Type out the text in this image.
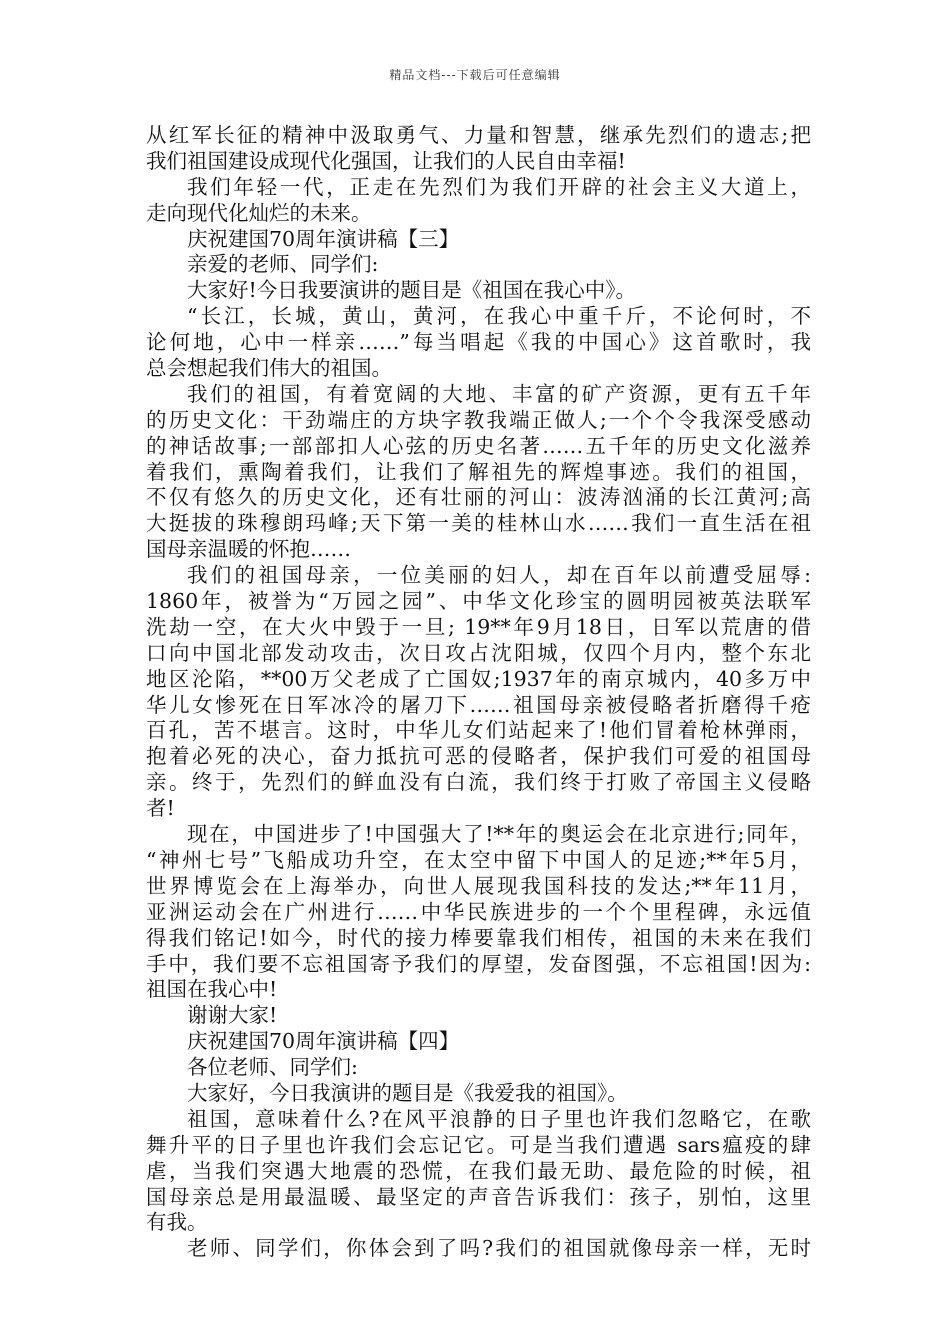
精品文档---下载后可任意编辑
从红军长征的精神中汲取勇气、力量和智慧，继承先烈们的遗志;把
我们祖国建设成现代化强国，让我们的人民自由幸福!
我们年轻一代，正走在先烈们为我们开辟的社会主义大道上，
走向现代化灿烂的未来。
庆祝建国70周年演讲稿【三】
亲爱的老师、同学们:
大家好!今日我要演讲的题目是《祖国在我心中》。
“长江，长城，黄山，黄河，在我心中重千斤，不论何时，不
论何地，心中一样亲……”每当唱起《我的中国心》这首歌时，我
总会想起我们伟大的祖国。
我们的祖国，有着宽阔的大地、丰富的矿产资源，更有五千年
的历史文化：干劲端庄的方块字教我端正做人;一个个令我深受感动
的神话故事;一部部扣人心弦的历史名著……五千年的历史文化滋养
着我们，熏陶着我们，让我们了解祖先的辉煌事迹。我们的祖国，
不仅有悠久的历史文化，还有壮丽的河山：波涛汹涌的长江黄河;高
大挺拔的珠穆朗玛峰;天下第一美的桂林山水……我们一直生活在祖
国母亲温暖的怀抱……
我们的祖国母亲，一位美丽的妇人，却在百年以前遭受屈辱:
1860年，被誉为“万园之园”、中华文化珍宝的圆明园被英法联军
洗劫一空，在大火中毁于一旦; 19**年9月18日，日军以荒唐的借
口向中国北部发动攻击，次日攻占沈阳城，仅四个月内，整个东北
地区沦陷，**00万父老成了亡国奴;1937年的南京城内，40多万中
华儿女惨死在日军冰冷的屠刀下……祖国母亲被侵略者折磨得千疮
百孔，苦不堪言。这时，中华儿女们站起来了!他们冒着枪林弹雨，
抱着必死的决心，奋力抵抗可恶的侵略者，保护我们可爱的祖国母
亲。终于，先烈们的鲜血没有白流，我们终于打败了帝国主义侵略
者!
现在，中国进步了!中国强大了!**年的奥运会在北京进行;同年，
“神州七号”飞船成功升空，在太空中留下中国人的足迹;**年5月，
世界博览会在上海举办，向世人展现我国科技的发达;**年11月，
亚洲运动会在广州进行……中华民族进步的一个个里程碑，永远值
得我们铭记!如今，时代的接力棒要靠我们相传，祖国的未来在我们
手中，我们要不忘祖国寄予我们的厚望，发奋图强，不忘祖国!因为:
祖国在我心中!
谢谢大家!
庆祝建国70周年演讲稿【四】
各位老师、同学们:
大家好，今日我演讲的题目是《我爱我的祖国》。
祖国，意味着什么?在风平浪静的日子里也许我们忽略它，在歌
舞升平的日子里也许我们会忘记它。可是当我们遭遇 sars瘟疫的肆
虐，当我们突遇大地震的恐慌，在我们最无助、最危险的时候，祖
国母亲总是用最温暖、最坚定的声音告诉我们：孩子，别怕，这里
有我。
老师、同学们，你体会到了吗?我们的祖国就像母亲一样，无时
